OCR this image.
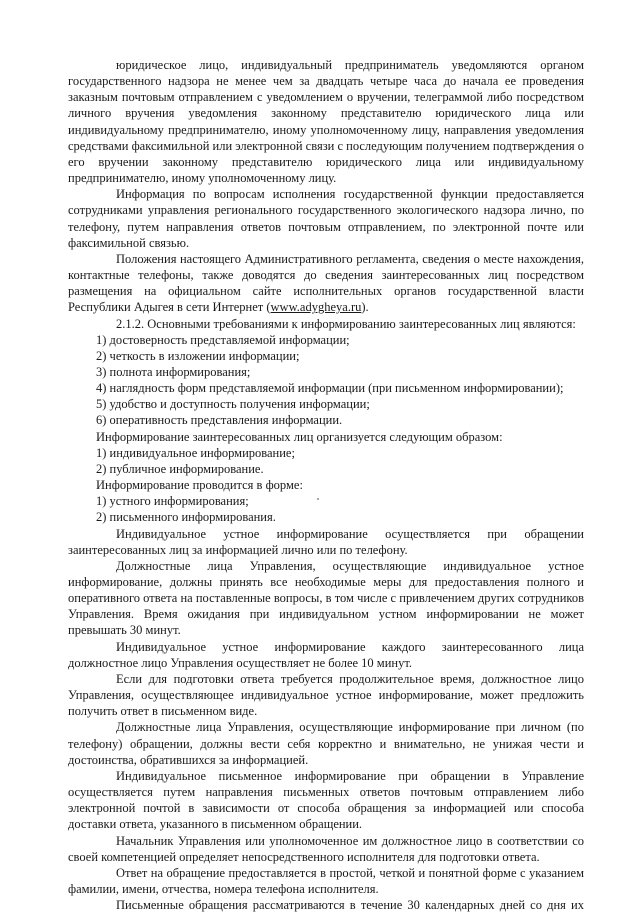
юридическое лицо, индивидуальный предприниматель уведомляются органом государственного надзора не менее чем за двадцать четыре часа до начала ее проведения заказным почтовым отправлением с уведомлением о вручении, телеграммой либо посредством личного вручения уведомления законному представителю юридического лица или индивидуальному предпринимателю, иному уполномоченному лицу, направления уведомления средствами факсимильной или электронной связи с последующим получением подтверждения о его вручении законному представителю юридического лица или индивидуальному предпринимателю, иному уполномоченному лицу.

Информация по вопросам исполнения государственной функции предоставляется сотрудниками управления регионального государственного экологического надзора лично, по телефону, путем направления ответов почтовым отправлением, по электронной почте или факсимильной связью.

Положения настоящего Административного регламента, сведения о месте нахождения, контактные телефоны, также доводятся до сведения заинтересованных лиц посредством размещения на официальном сайте исполнительных органов государственной власти Республики Адыгея в сети Интернет (www.adygheya.ru).

2.1.2. Основными требованиями к информированию заинтересованных лиц являются:

1) достоверность представляемой информации;

2) четкость в изложении информации;

3) полнота информирования;

4) наглядность форм представляемой информации (при письменном информировании);

5) удобство и доступность получения информации;

6) оперативность представления информации.

Информирование заинтересованных лиц организуется следующим образом:

1) индивидуальное информирование;

2) публичное информирование.

Информирование проводится в форме:

1) устного информирования;

2) письменного информирования.

Индивидуальное устное информирование осуществляется при обращении заинтересованных лиц за информацией лично или по телефону.

Должностные лица Управления, осуществляющие индивидуальное устное информирование, должны принять все необходимые меры для предоставления полного и оперативного ответа на поставленные вопросы, в том числе с привлечением других сотрудников Управления. Время ожидания при индивидуальном устном информировании не может превышать 30 минут.

Индивидуальное устное информирование каждого заинтересованного лица должностное лицо Управления осуществляет не более 10 минут.

Если для подготовки ответа требуется продолжительное время, должностное лицо Управления, осуществляющее индивидуальное устное информирование, может предложить получить ответ в письменном виде.

Должностные лица Управления, осуществляющие информирование при личном (по телефону) обращении, должны вести себя корректно и внимательно, не унижая чести и достоинства, обратившихся за информацией.

Индивидуальное письменное информирование при обращении в Управление осуществляется путем направления письменных ответов почтовым отправлением либо электронной почтой в зависимости от способа обращения за информацией или способа доставки ответа, указанного в письменном обращении.

Начальник Управления или уполномоченное им должностное лицо в соответствии со своей компетенцией определяет непосредственного исполнителя для подготовки ответа.

Ответ на обращение предоставляется в простой, четкой и понятной форме с указанием фамилии, имени, отчества, номера телефона исполнителя.

Письменные обращения рассматриваются в течение 30 календарных дней со дня их
